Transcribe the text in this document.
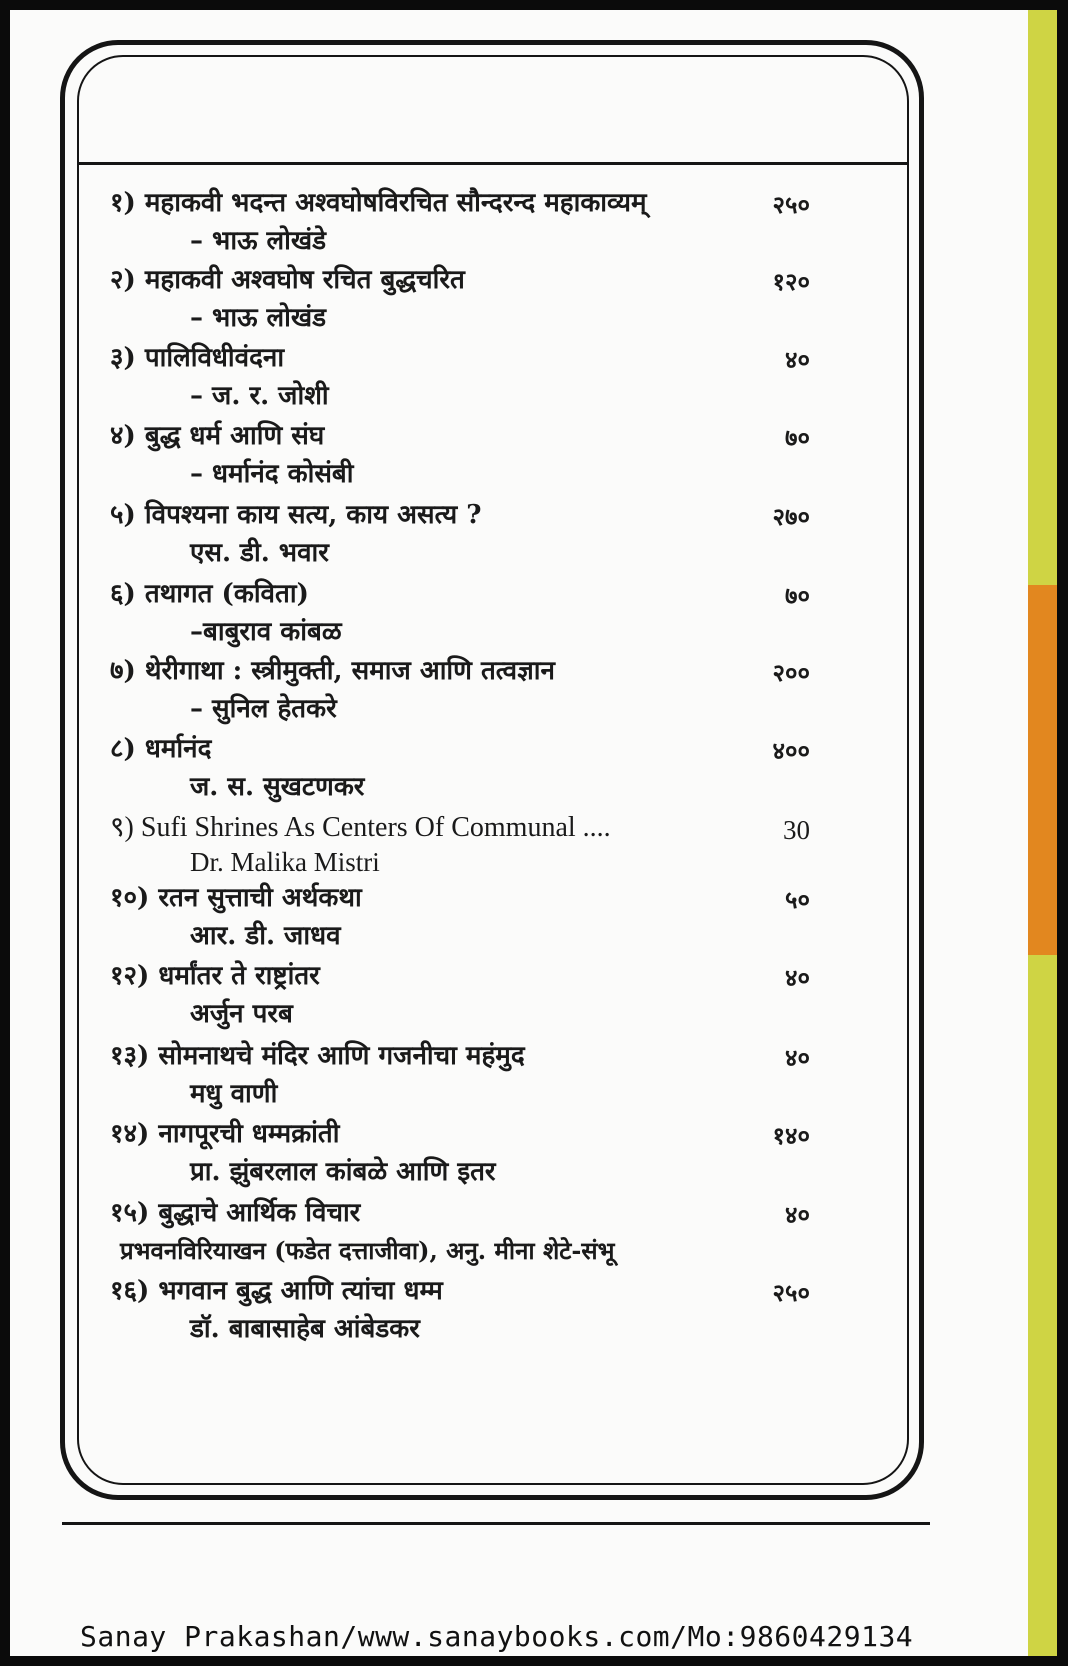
१) महाकवी भदन्त अश्वघोषविरचित सौन्दरन्द महाकाव्यम्
– भाऊ लोखंडे
२५०
२) महाकवी अश्वघोष रचित बुद्धचरित
– भाऊ लोखंड
१२०
३) पालिविधीवंदना
– ज. र. जोशी
४०
४) बुद्ध धर्म आणि संघ
– धर्मानंद कोसंबी
७०
५) विपश्यना काय सत्य, काय असत्य ?
एस. डी. भवार
२७०
६) तथागत (कविता)
–बाबुराव कांबळ
७०
७) थेरीगाथा : स्त्रीमुक्ती, समाज आणि तत्वज्ञान
– सुनिल हेतकरे
२००
८) धर्मानंद
ज. स. सुखटणकर
४००
९) Sufi Shrines As Centers Of Communal ....
Dr. Malika Mistri
30
१०) रतन सुत्ताची अर्थकथा
आर. डी. जाधव
५०
१२) धर्मांतर ते राष्ट्रांतर
अर्जुन परब
४०
१३) सोमनाथचे मंदिर आणि गजनीचा महंमुद
मधु वाणी
४०
१४) नागपूरची धम्मक्रांती
प्रा. झुंबरलाल कांबळे आणि इतर
१४०
१५) बुद्धाचे आर्थिक विचार
प्रभवनविरियाखन (फडेत दत्ताजीवा), अनु. मीना शेटे-संभू
४०
१६) भगवान बुद्ध आणि त्यांचा धम्म
डॉ. बाबासाहेब आंबेडकर
२५०
Sanay Prakashan/www.sanaybooks.com/Mo:9860429134
